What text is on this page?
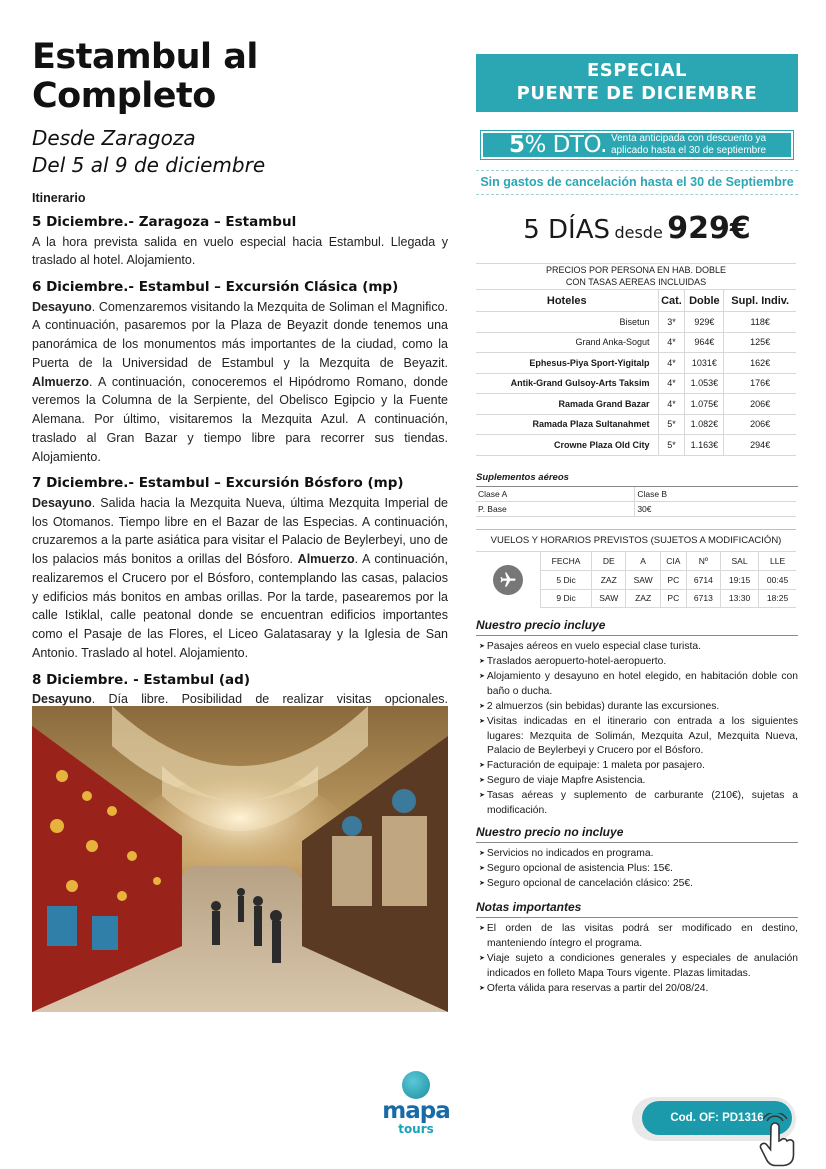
Estambul al Completo
Desde Zaragoza
Del 5 al 9 de diciembre
Itinerario
5 Diciembre.- Zaragoza – Estambul

A la hora prevista salida en vuelo especial hacia Estambul. Llegada y traslado al hotel. Alojamiento.

6 Diciembre.- Estambul – Excursión Clásica (mp)

Desayuno. Comenzaremos visitando la Mezquita de Soliman el Magnifico. A continuación, pasaremos por la Plaza de Beyazit donde tenemos una panorámica de los monumentos más importantes de la ciudad, como la Puerta de la Universidad de Estambul y la Mezquita de Beyazit. Almuerzo. A continuación, conoceremos el Hipódromo Romano, donde veremos la Columna de la Serpiente, del Obelisco Egipcio y la Fuente Alemana. Por último, visitaremos la Mezquita Azul. A continuación, traslado al Gran Bazar y tiempo libre para recorrer sus tiendas. Alojamiento.

7 Diciembre.- Estambul – Excursión Bósforo (mp)

Desayuno. Salida hacia la Mezquita Nueva, última Mezquita Imperial de los Otomanos. Tiempo libre en el Bazar de las Especias. A continuación, cruzaremos a la parte asiática para visitar el Palacio de Beylerbeyi, uno de los palacios más bonitos a orillas del Bósforo. Almuerzo. A continuación, realizaremos el Crucero por el Bósforo, contemplando las casas, palacios y edificios más bonitos en ambas orillas. Por la tarde, pasearemos por la calle Istiklal, calle peatonal donde se encuentran edificios importantes como el Pasaje de las Flores, el Liceo Galatasaray y la Iglesia de San Antonio. Traslado al hotel. Alojamiento.

8 Diciembre. - Estambul (ad)

Desayuno. Día libre. Posibilidad de realizar visitas opcionales.

ESPECIAL
PUENTE DE DICIEMBRE
5% DTO. Venta anticipada con descuento ya
aplicado hasta el 30 de septiembre
Sin gastos de cancelación hasta el 30 de Septiembre
5 DÍAS desde 929€
PRECIOS POR PERSONA EN HAB. DOBLE
CON TASAS AEREAS INCLUIDAS			

Hoteles	Cat.	Doble	Supl. Indiv.
Bisetun	3*	929€	118€
Grand Anka-Sogut	4*	964€	125€
Ephesus-Piya Sport-Yigitalp	4*	1031€	162€
Antik-Grand Gulsoy-Arts Taksim	4*	1.053€	176€
Ramada Grand Bazar	4*	1.075€	206€
Ramada Plaza Sultanahmet	5*	1.082€	206€
Crowne Plaza Old City	5*	1.163€	294€
Suplementos aéreos
Clase A	Clase B
P. Base	30€
VUELOS Y HORARIOS PREVISTOS (SUJETOS A MODIFICACIÓN)
FECHA	DE	A	CIA	Nº	SAL	LLE
5 Dic	ZAZ	SAW	PC	6714	19:15	00:45
9 Dic	SAW	ZAZ	PC	6713	13:30	18:25
Nuestro precio incluye
➤ Pasajes aéreos en vuelo especial clase turista.
➤ Traslados aeropuerto-hotel-aeropuerto.
➤ Alojamiento y desayuno en hotel elegido, en habitación doble con baño o ducha.
➤ 2 almuerzos (sin bebidas) durante las excursiones.
➤ Visitas indicadas en el itinerario con entrada a los siguientes lugares: Mezquita de Solimán, Mezquita Azul, Mezquita Nueva, Palacio de Beylerbeyi y Crucero por el Bósforo.
➤ Facturación de equipaje: 1 maleta por pasajero.
➤ Seguro de viaje Mapfre Asistencia.
➤ Tasas aéreas y suplemento de carburante (210€), sujetas a modificación.
Nuestro precio no incluye
➤ Servicios no indicados en programa.
➤ Seguro opcional de asistencia Plus: 15€.
➤ Seguro opcional de cancelación clásico: 25€.
Notas importantes
➤ El orden de las visitas podrá ser modificado en destino, manteniendo íntegro el programa.
➤ Viaje sujeto a condiciones generales y especiales de anulación indicados en folleto Mapa Tours vigente. Plazas limitadas.
➤ Oferta válida para reservas a partir del 20/08/24.
mapa
tours
Cod. OF: PD1316
